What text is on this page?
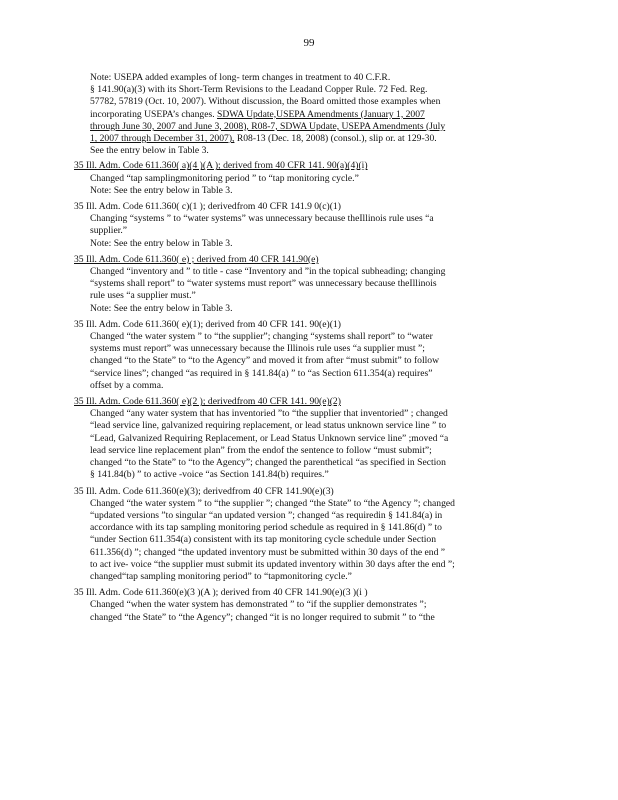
99

Note: USEPA added examples of long- term changes in treatment to 40 C.F.R.

§ 141.90(a)(3) with its Short-Term Revisions to the Leadand Copper Rule. 72 Fed. Reg.

57782, 57819 (Oct. 10, 2007). Without discussion, the Board omitted those examples when

incorporating USEPA’s changes. SDWA Update,USEPA Amendments (January 1, 2007

through June 30, 2007 and June 3, 2008), R08-7, SDWA Update, USEPA Amendments (July

1, 2007 through December 31, 2007), R08-13 (Dec. 18, 2008) (consol.), slip or. at 129-30.

See the entry below in Table 3.

35 Ill. Adm. Code 611.360( a)(4 )(A ); derived from 40 CFR 141. 90(a)(4)(i)

Changed “tap samplingmonitoring period ” to “tap monitoring cycle.”

Note: See the entry below in Table 3.

35 Ill. Adm. Code 611.360( c)(1 ); derivedfrom 40 CFR 141.9 0(c)(1)

Changing “systems ” to “water systems” was unnecessary because theIllinois rule uses “a

supplier.”

Note: See the entry below in Table 3.

35 Ill. Adm. Code 611.360( e) ; derived from 40 CFR 141.90(e)

Changed “inventory and ” to title - case “Inventory and ”in the topical subheading; changing

“systems shall report” to “water systems must report” was unnecessary because theIllinois

rule uses “a supplier must.”

Note: See the entry below in Table 3.

35 Ill. Adm. Code 611.360( e)(1); derived from 40 CFR 141. 90(e)(1)

Changed “the water system ” to “the supplier”; changing “systems shall report” to “water

systems must report” was unnecessary because the Illinois rule uses “a supplier must ”;

changed “to the State” to “to the Agency” and moved it from after “must submit” to follow

“service lines”; changed “as required in § 141.84(a) ” to “as Section 611.354(a) requires”

offset by a comma.

35 Ill. Adm. Code 611.360( e)(2 ); derivedfrom 40 CFR 141. 90(e)(2)

Changed “any water system that has inventoried ”to “the supplier that inventoried” ; changed

“lead service line, galvanized requiring replacement, or lead status unknown service line ” to

“Lead, Galvanized Requiring Replacement, or Lead Status Unknown service line” ;moved “a

lead service line replacement plan” from the endof the sentence to follow “must submit”;

changed “to the State” to “to the Agency”; changed the parenthetical “as specified in Section

§ 141.84(b) ” to active -voice “as Section 141.84(b) requires.”

35 Ill. Adm. Code 611.360(e)(3); derivedfrom 40 CFR 141.90(e)(3)

Changed “the water system ” to “the supplier ”; changed “the State” to “the Agency ”; changed

“updated versions ”to singular “an updated version ”; changed “as requiredin § 141.84(a) in

accordance with its tap sampling monitoring period schedule as required in § 141.86(d) ” to

“under Section 611.354(a) consistent with its tap monitoring cycle schedule under Section

611.356(d) ”; changed “the updated inventory must be submitted within 30 days of the end ”

to act ive- voice “the supplier must submit its updated inventory within 30 days after the end ”;

changed“tap sampling monitoring period” to “tapmonitoring cycle.”

35 Ill. Adm. Code 611.360(e)(3 )(A ); derived from 40 CFR 141.90(e)(3 )(i )

Changed “when the water system has demonstrated ” to “if the supplier demonstrates ”;

changed “the State” to “the Agency”; changed “it is no longer required to submit ” to “the
